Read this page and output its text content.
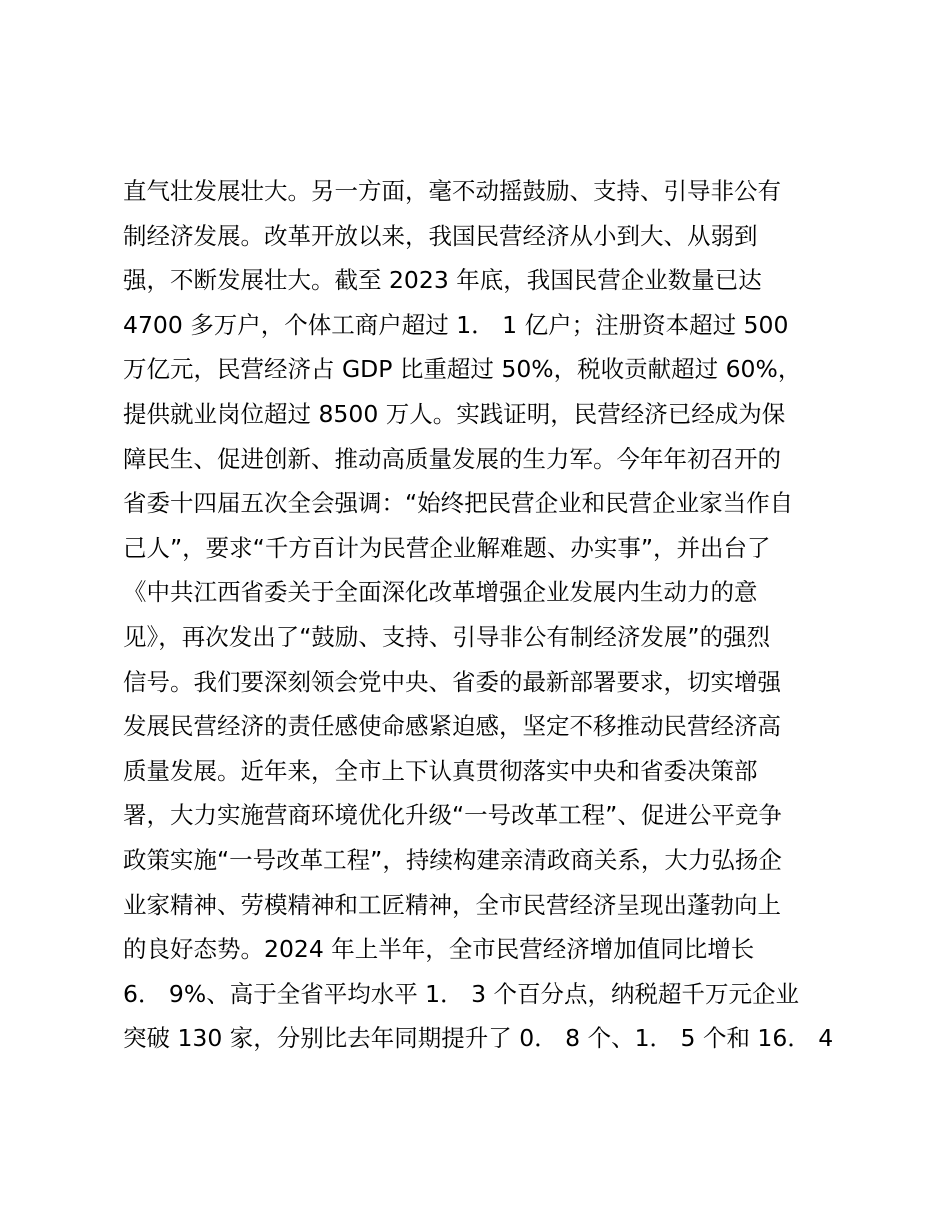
直气壮发展壮大。另一方面，毫不动摇鼓励、支持、引导非公有
制经济发展。改革开放以来，我国民营经济从小到大、从弱到
强，不断发展壮大。截至 2023 年底，我国民营企业数量已达
4700 多万户，个体工商户超过 1． 1 亿户；注册资本超过 500
万亿元，民营经济占 GDP 比重超过 50%，税收贡献超过 60%，
提供就业岗位超过 8500 万人。实践证明，民营经济已经成为保
障民生、促进创新、推动高质量发展的生力军。今年年初召开的
省委十四届五次全会强调：“始终把民营企业和民营企业家当作自
己人”，要求“千方百计为民营企业解难题、办实事”，并出台了
《中共江西省委关于全面深化改革增强企业发展内生动力的意
见》，再次发出了“鼓励、支持、引导非公有制经济发展”的强烈
信号。我们要深刻领会党中央、省委的最新部署要求，切实增强
发展民营经济的责任感使命感紧迫感，坚定不移推动民营经济高
质量发展。近年来，全市上下认真贯彻落实中央和省委决策部
署，大力实施营商环境优化升级“一号改革工程”、促进公平竞争
政策实施“一号改革工程”，持续构建亲清政商关系，大力弘扬企
业家精神、劳模精神和工匠精神，全市民营经济呈现出蓬勃向上
的良好态势。2024 年上半年，全市民营经济增加值同比增长
6． 9%、高于全省平均水平 1． 3 个百分点，纳税超千万元企业
突破 130 家，分别比去年同期提升了 0． 8 个、1． 5 个和 16． 4
